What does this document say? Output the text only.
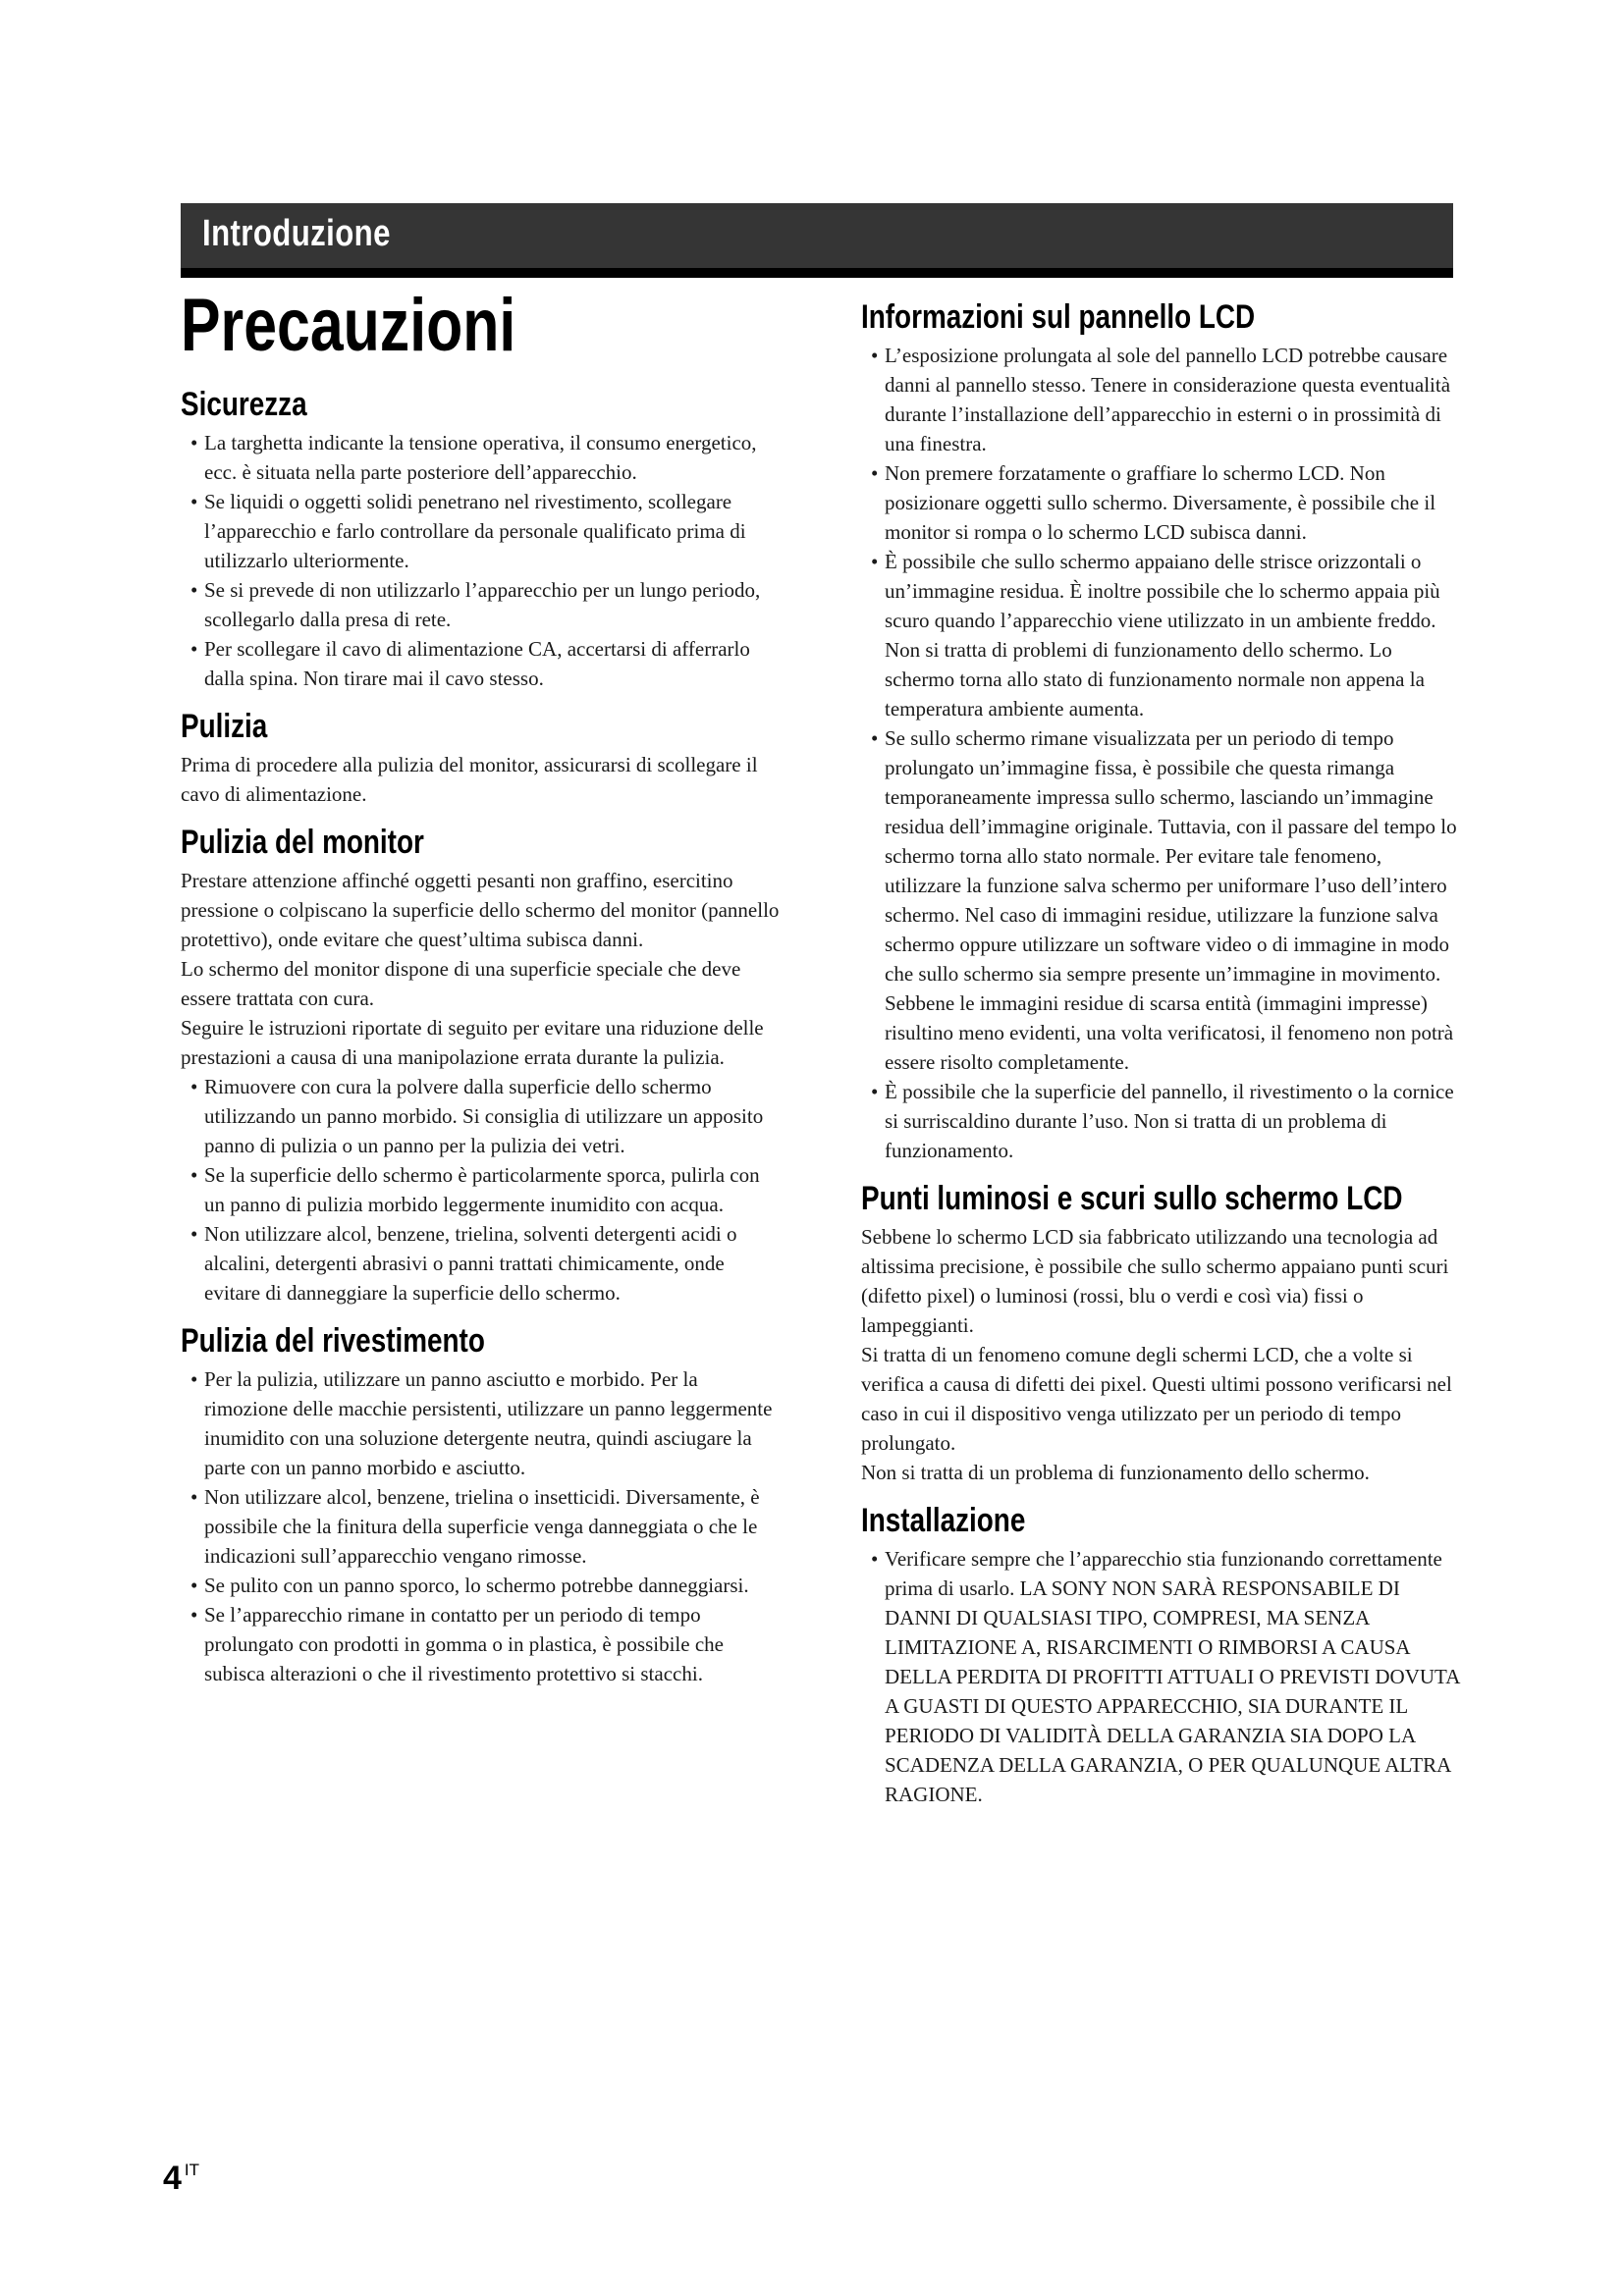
Introduzione
Precauzioni
Sicurezza
• La targhetta indicante la tensione operativa, il consumo energetico, ecc. è situata nella parte posteriore dell’apparecchio.
• Se liquidi o oggetti solidi penetrano nel rivestimento, scollegare l’apparecchio e farlo controllare da personale qualificato prima di utilizzarlo ulteriormente.
• Se si prevede di non utilizzarlo l’apparecchio per un lungo periodo, scollegarlo dalla presa di rete.
• Per scollegare il cavo di alimentazione CA, accertarsi di afferrarlo dalla spina. Non tirare mai il cavo stesso.
Pulizia

Prima di procedere alla pulizia del monitor, assicurarsi di scollegare il cavo di alimentazione.

Pulizia del monitor

Prestare attenzione affinché oggetti pesanti non graffino, esercitino pressione o colpiscano la superficie dello schermo del monitor (pannello protettivo), onde evitare che quest’ultima subisca danni.

Lo schermo del monitor dispone di una superficie speciale che deve essere trattata con cura.

Seguire le istruzioni riportate di seguito per evitare una riduzione delle prestazioni a causa di una manipolazione errata durante la pulizia.

• Rimuovere con cura la polvere dalla superficie dello schermo utilizzando un panno morbido. Si consiglia di utilizzare un apposito panno di pulizia o un panno per la pulizia dei vetri.
• Se la superficie dello schermo è particolarmente sporca, pulirla con un panno di pulizia morbido leggermente inumidito con acqua.
• Non utilizzare alcol, benzene, trielina, solventi detergenti acidi o alcalini, detergenti abrasivi o panni trattati chimicamente, onde evitare di danneggiare la superficie dello schermo.
Pulizia del rivestimento
• Per la pulizia, utilizzare un panno asciutto e morbido. Per la rimozione delle macchie persistenti, utilizzare un panno leggermente inumidito con una soluzione detergente neutra, quindi asciugare la parte con un panno morbido e asciutto.
• Non utilizzare alcol, benzene, trielina o insetticidi. Diversamente, è possibile che la finitura della superficie venga danneggiata o che le indicazioni sull’apparecchio vengano rimosse.
• Se pulito con un panno sporco, lo schermo potrebbe danneggiarsi.
• Se l’apparecchio rimane in contatto per un periodo di tempo prolungato con prodotti in gomma o in plastica, è possibile che subisca alterazioni o che il rivestimento protettivo si stacchi.
Informazioni sul pannello LCD
• L’esposizione prolungata al sole del pannello LCD potrebbe causare danni al pannello stesso. Tenere in considerazione questa eventualità durante l’installazione dell’apparecchio in esterni o in prossimità di una finestra.
• Non premere forzatamente o graffiare lo schermo LCD. Non posizionare oggetti sullo schermo. Diversamente, è possibile che il monitor si rompa o lo schermo LCD subisca danni.
• È possibile che sullo schermo appaiano delle strisce orizzontali o un’immagine residua. È inoltre possibile che lo schermo appaia più scuro quando l’apparecchio viene utilizzato in un ambiente freddo. Non si tratta di problemi di funzionamento dello schermo. Lo schermo torna allo stato di funzionamento normale non appena la temperatura ambiente aumenta.
• Se sullo schermo rimane visualizzata per un periodo di tempo prolungato un’immagine fissa, è possibile che questa rimanga temporaneamente impressa sullo schermo, lasciando un’immagine residua dell’immagine originale. Tuttavia, con il passare del tempo lo schermo torna allo stato normale. Per evitare tale fenomeno, utilizzare la funzione salva schermo per uniformare l’uso dell’intero schermo. Nel caso di immagini residue, utilizzare la funzione salva schermo oppure utilizzare un software video o di immagine in modo che sullo schermo sia sempre presente un’immagine in movimento. Sebbene le immagini residue di scarsa entità (immagini impresse) risultino meno evidenti, una volta verificatosi, il fenomeno non potrà essere risolto completamente.
• È possibile che la superficie del pannello, il rivestimento o la cornice si surriscaldino durante l’uso. Non si tratta di un problema di funzionamento.
Punti luminosi e scuri sullo schermo LCD

Sebbene lo schermo LCD sia fabbricato utilizzando una tecnologia ad altissima precisione, è possibile che sullo schermo appaiano punti scuri (difetto pixel) o luminosi (rossi, blu o verdi e così via) fissi o lampeggianti.

Si tratta di un fenomeno comune degli schermi LCD, che a volte si verifica a causa di difetti dei pixel. Questi ultimi possono verificarsi nel caso in cui il dispositivo venga utilizzato per un periodo di tempo prolungato.

Non si tratta di un problema di funzionamento dello schermo.

Installazione
• Verificare sempre che l’apparecchio stia funzionando correttamente prima di usarlo. LA SONY NON SARÀ RESPONSABILE DI DANNI DI QUALSIASI TIPO, COMPRESI, MA SENZA LIMITAZIONE A, RISARCIMENTI O RIMBORSI A CAUSA DELLA PERDITA DI PROFITTI ATTUALI O PREVISTI DOVUTA A GUASTI DI QUESTO APPARECCHIO, SIA DURANTE IL PERIODO DI VALIDITÀ DELLA GARANZIA SIA DOPO LA SCADENZA DELLA GARANZIA, O PER QUALUNQUE ALTRA RAGIONE.
4 $^{IT}$
